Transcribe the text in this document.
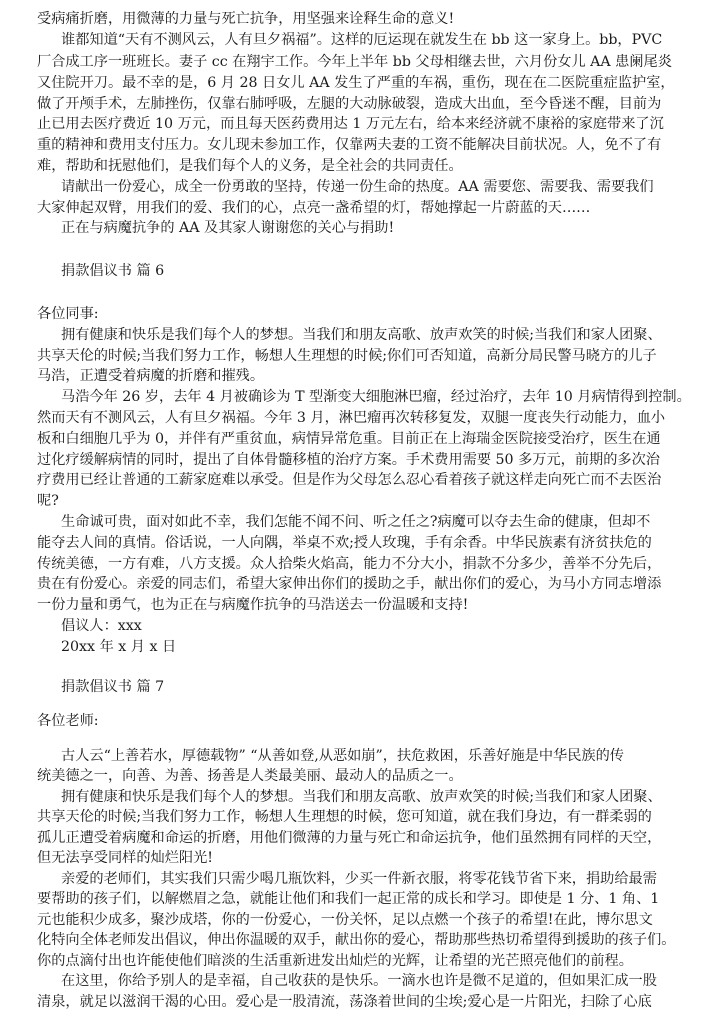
受病痛折磨，用微薄的力量与死亡抗争，用坚强来诠释生命的意义!
谁都知道“天有不测风云，人有旦夕祸福”。这样的厄运现在就发生在 bb 这一家身上。bb，PVC
厂合成工序一班班长。妻子 cc 在翔宇工作。今年上半年 bb 父母相继去世，六月份女儿 AA 患阑尾炎
又住院开刀。最不幸的是，6 月 28 日女儿 AA 发生了严重的车祸，重伤，现在在二医院重症监护室，
做了开颅手术，左肺挫伤，仅靠右肺呼吸，左腿的大动脉破裂，造成大出血，至今昏迷不醒，目前为
止已用去医疗费近 10 万元，而且每天医药费用达 1 万元左右，给本来经济就不康裕的家庭带来了沉
重的精神和费用支付压力。女儿现未参加工作，仅靠两夫妻的工资不能解决目前状况。人，免不了有
难，帮助和抚慰他们，是我们每个人的义务，是全社会的共同责任。
请献出一份爱心，成全一份勇敢的坚持，传递一份生命的热度。AA 需要您、需要我、需要我们
大家伸起双臂，用我们的爱、我们的心，点亮一盏希望的灯，帮她撑起一片蔚蓝的天……
正在与病魔抗争的 AA 及其家人谢谢您的关心与捐助!
捐款倡议书 篇 6
各位同事:
拥有健康和快乐是我们每个人的梦想。当我们和朋友高歌、放声欢笑的时候;当我们和家人团聚、
共享天伦的时候;当我们努力工作，畅想人生理想的时候;你们可否知道，高新分局民警马晓方的儿子
马浩，正遭受着病魔的折磨和摧残。
马浩今年 26 岁，去年 4 月被确诊为 T 型渐变大细胞淋巴瘤，经过治疗，去年 10 月病情得到控制。
然而天有不测风云，人有旦夕祸福。今年 3 月，淋巴瘤再次转移复发，双腿一度丧失行动能力，血小
板和白细胞几乎为 0，并伴有严重贫血，病情异常危重。目前正在上海瑞金医院接受治疗，医生在通
过化疗缓解病情的同时，提出了自体骨髓移植的治疗方案。手术费用需要 50 多万元，前期的多次治
疗费用已经让普通的工薪家庭难以承受。但是作为父母怎么忍心看着孩子就这样走向死亡而不去医治
呢?
生命诚可贵，面对如此不幸，我们怎能不闻不问、听之任之?病魔可以夺去生命的健康，但却不
能夺去人间的真情。俗话说，一人向隅，举桌不欢;授人玫瑰，手有余香。中华民族素有济贫扶危的
传统美德，一方有难，八方支援。众人拾柴火焰高，能力不分大小，捐款不分多少，善举不分先后，
贵在有份爱心。亲爱的同志们，希望大家伸出你们的援助之手，献出你们的爱心，为马小方同志增添
一份力量和勇气，也为正在与病魔作抗争的马浩送去一份温暖和支持!
倡议人：xxx
20xx 年 x 月 x 日
捐款倡议书 篇 7
各位老师:
古人云“上善若水，厚德载物” “从善如登,从恶如崩”，扶危救困，乐善好施是中华民族的传
统美德之一，向善、为善、扬善是人类最美丽、最动人的品质之一。
拥有健康和快乐是我们每个人的梦想。当我们和朋友高歌、放声欢笑的时候;当我们和家人团聚、
共享天伦的时候;当我们努力工作，畅想人生理想的时候，您可知道，就在我们身边，有一群柔弱的
孤儿正遭受着病魔和命运的折磨，用他们微薄的力量与死亡和命运抗争，他们虽然拥有同样的天空，
但无法享受同样的灿烂阳光!
亲爱的老师们，其实我们只需少喝几瓶饮料，少买一件新衣服，将零花钱节省下来，捐助给最需
要帮助的孩子们，以解燃眉之急，就能让他们和我们一起正常的成长和学习。即使是 1 分、1 角、1
元也能积少成多，聚沙成塔，你的一份爱心，一份关怀，足以点燃一个孩子的希望!在此，博尔思文
化特向全体老师发出倡议，伸出你温暖的双手，献出你的爱心，帮助那些热切希望得到援助的孩子们。
你的点滴付出也许能使他们暗淡的生活重新进发出灿烂的光辉，让希望的光芒照亮他们的前程。
在这里，你给予别人的是幸福，自己收获的是快乐。一滴水也许是微不足道的，但如果汇成一股
清泉，就足以滋润干渴的心田。爱心是一股清流，荡涤着世间的尘埃;爱心是一片阳光，扫除了心底
